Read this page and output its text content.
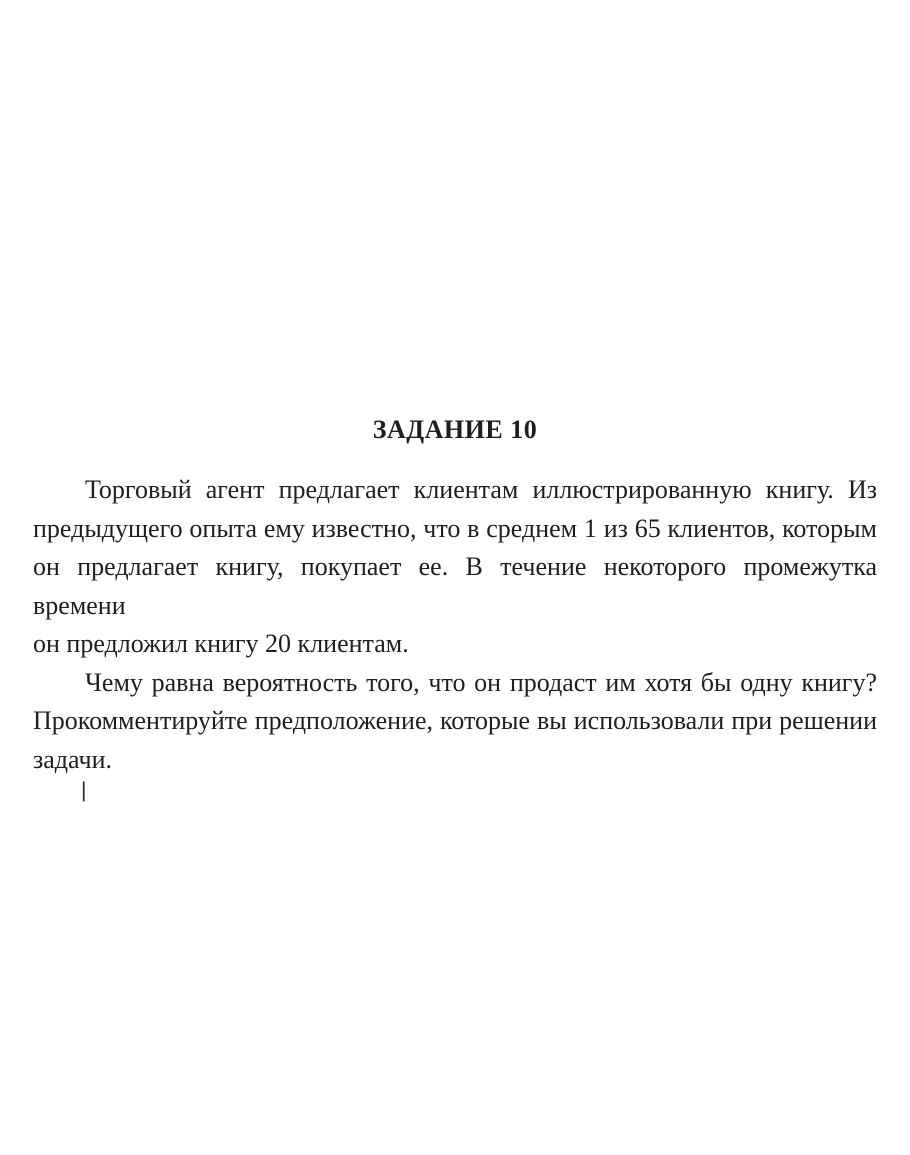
ЗАДАНИЕ 10
Торговый агент предлагает клиентам иллюстрированную книгу. Из
предыдущего опыта ему известно, что в среднем 1 из 65 клиентов, которым
он предлагает книгу, покупает ее. В течение некоторого промежутка времени
он предложил книгу 20 клиентам.
Чему равна вероятность того, что он продаст им хотя бы одну книгу?
Прокомментируйте предположение, которые вы использовали при решении
задачи.
|
